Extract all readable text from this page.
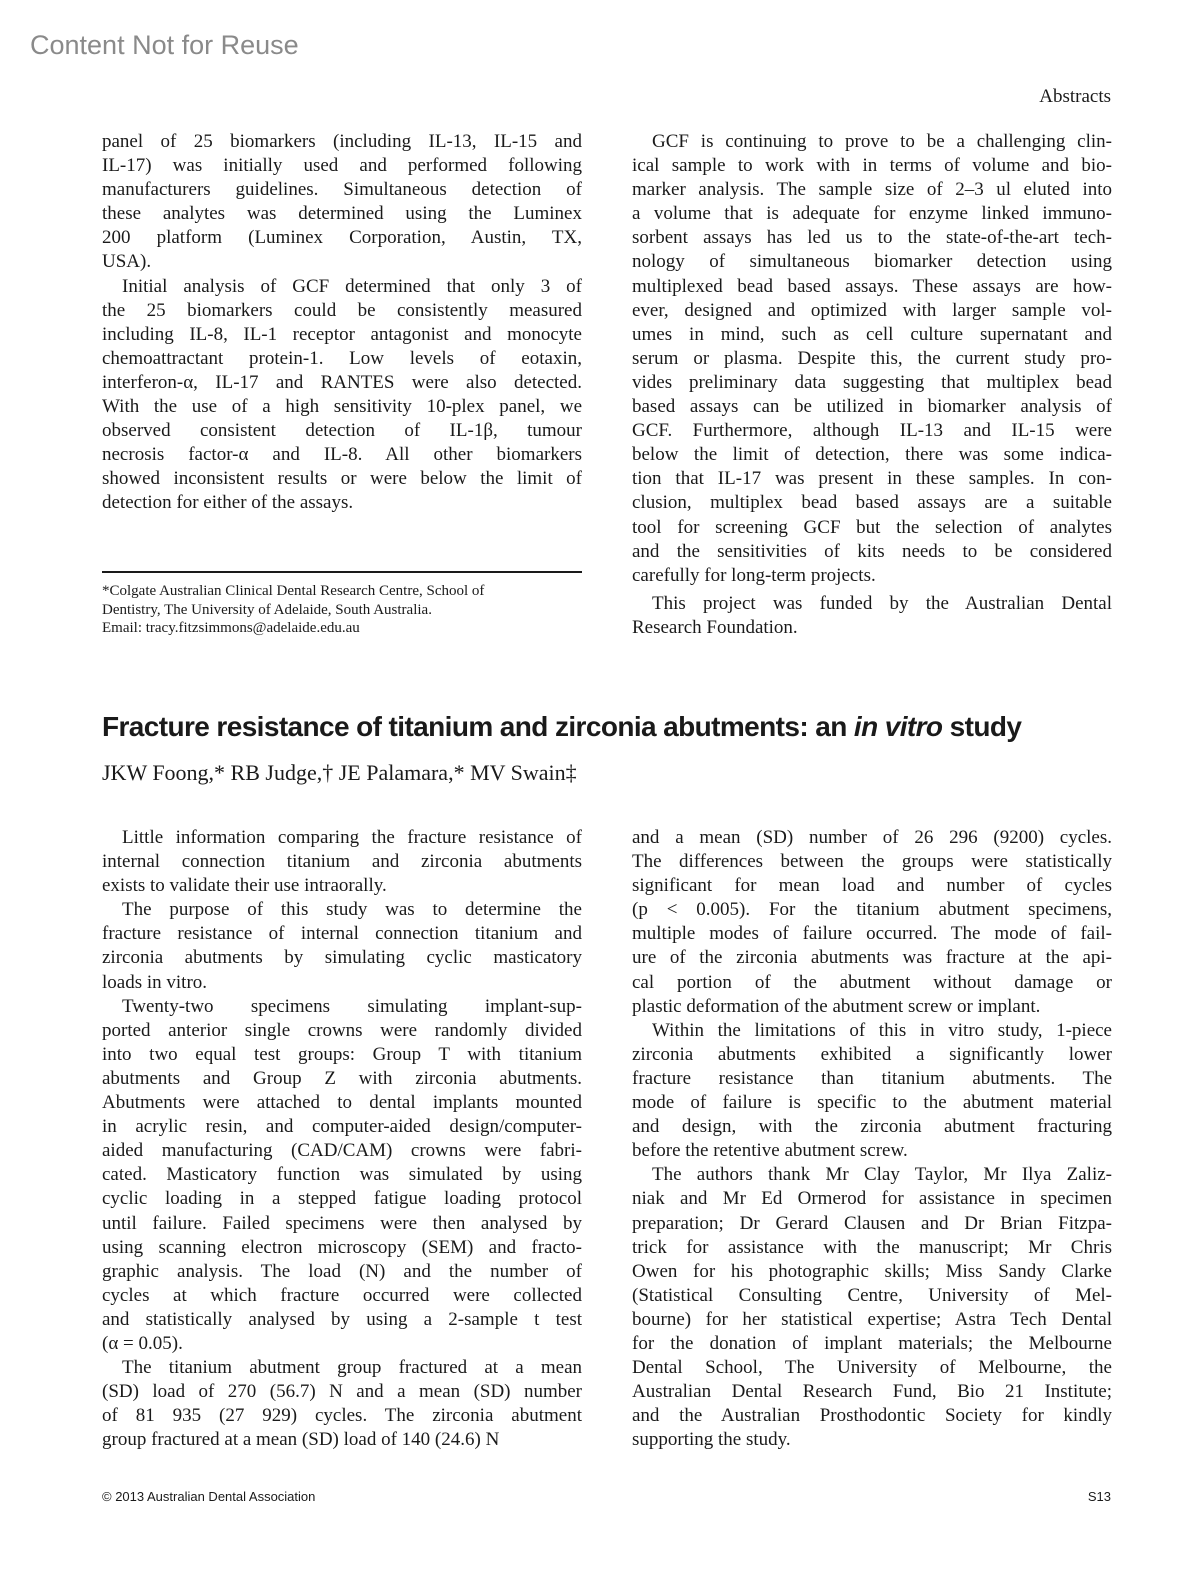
Content Not for Reuse
Abstracts
panel of 25 biomarkers (including IL-13, IL-15 and
IL-17) was initially used and performed following
manufacturers guidelines. Simultaneous detection of
these analytes was determined using the Luminex
200 platform (Luminex Corporation, Austin, TX,
USA).
Initial analysis of GCF determined that only 3 of
the 25 biomarkers could be consistently measured
including IL-8, IL-1 receptor antagonist and monocyte
chemoattractant protein-1. Low levels of eotaxin,
interferon-α, IL-17 and RANTES were also detected.
With the use of a high sensitivity 10-plex panel, we
observed consistent detection of IL-1β, tumour
necrosis factor-α and IL-8. All other biomarkers
showed inconsistent results or were below the limit of
detection for either of the assays.
GCF is continuing to prove to be a challenging clin-
ical sample to work with in terms of volume and bio-
marker analysis. The sample size of 2–3 ul eluted into
a volume that is adequate for enzyme linked immuno-
sorbent assays has led us to the state-of-the-art tech-
nology of simultaneous biomarker detection using
multiplexed bead based assays. These assays are how-
ever, designed and optimized with larger sample vol-
umes in mind, such as cell culture supernatant and
serum or plasma. Despite this, the current study pro-
vides preliminary data suggesting that multiplex bead
based assays can be utilized in biomarker analysis of
GCF. Furthermore, although IL-13 and IL-15 were
below the limit of detection, there was some indica-
tion that IL-17 was present in these samples. In con-
clusion, multiplex bead based assays are a suitable
tool for screening GCF but the selection of analytes
and the sensitivities of kits needs to be considered
carefully for long-term projects.
This project was funded by the Australian Dental
Research Foundation.
*Colgate Australian Clinical Dental Research Centre, School of
Dentistry, The University of Adelaide, South Australia.
Email: tracy.fitzsimmons@adelaide.edu.au
Fracture resistance of titanium and zirconia abutments: an in vitro study
JKW Foong,* RB Judge,† JE Palamara,* MV Swain‡
Little information comparing the fracture resistance of
internal connection titanium and zirconia abutments
exists to validate their use intraorally.
The purpose of this study was to determine the
fracture resistance of internal connection titanium and
zirconia abutments by simulating cyclic masticatory
loads in vitro.
Twenty-two specimens simulating implant-sup-
ported anterior single crowns were randomly divided
into two equal test groups: Group T with titanium
abutments and Group Z with zirconia abutments.
Abutments were attached to dental implants mounted
in acrylic resin, and computer-aided design/computer-
aided manufacturing (CAD/CAM) crowns were fabri-
cated. Masticatory function was simulated by using
cyclic loading in a stepped fatigue loading protocol
until failure. Failed specimens were then analysed by
using scanning electron microscopy (SEM) and fracto-
graphic analysis. The load (N) and the number of
cycles at which fracture occurred were collected
and statistically analysed by using a 2-sample t test
(α = 0.05).
The titanium abutment group fractured at a mean
(SD) load of 270 (56.7) N and a mean (SD) number
of 81 935 (27 929) cycles. The zirconia abutment
group fractured at a mean (SD) load of 140 (24.6) N
and a mean (SD) number of 26 296 (9200) cycles.
The differences between the groups were statistically
significant for mean load and number of cycles
(p < 0.005). For the titanium abutment specimens,
multiple modes of failure occurred. The mode of fail-
ure of the zirconia abutments was fracture at the api-
cal portion of the abutment without damage or
plastic deformation of the abutment screw or implant.
Within the limitations of this in vitro study, 1-piece
zirconia abutments exhibited a significantly lower
fracture resistance than titanium abutments. The
mode of failure is specific to the abutment material
and design, with the zirconia abutment fracturing
before the retentive abutment screw.
The authors thank Mr Clay Taylor, Mr Ilya Zaliz-
niak and Mr Ed Ormerod for assistance in specimen
preparation; Dr Gerard Clausen and Dr Brian Fitzpa-
trick for assistance with the manuscript; Mr Chris
Owen for his photographic skills; Miss Sandy Clarke
(Statistical Consulting Centre, University of Mel-
bourne) for her statistical expertise; Astra Tech Dental
for the donation of implant materials; the Melbourne
Dental School, The University of Melbourne, the
Australian Dental Research Fund, Bio 21 Institute;
and the Australian Prosthodontic Society for kindly
supporting the study.
© 2013 Australian Dental Association	S13
